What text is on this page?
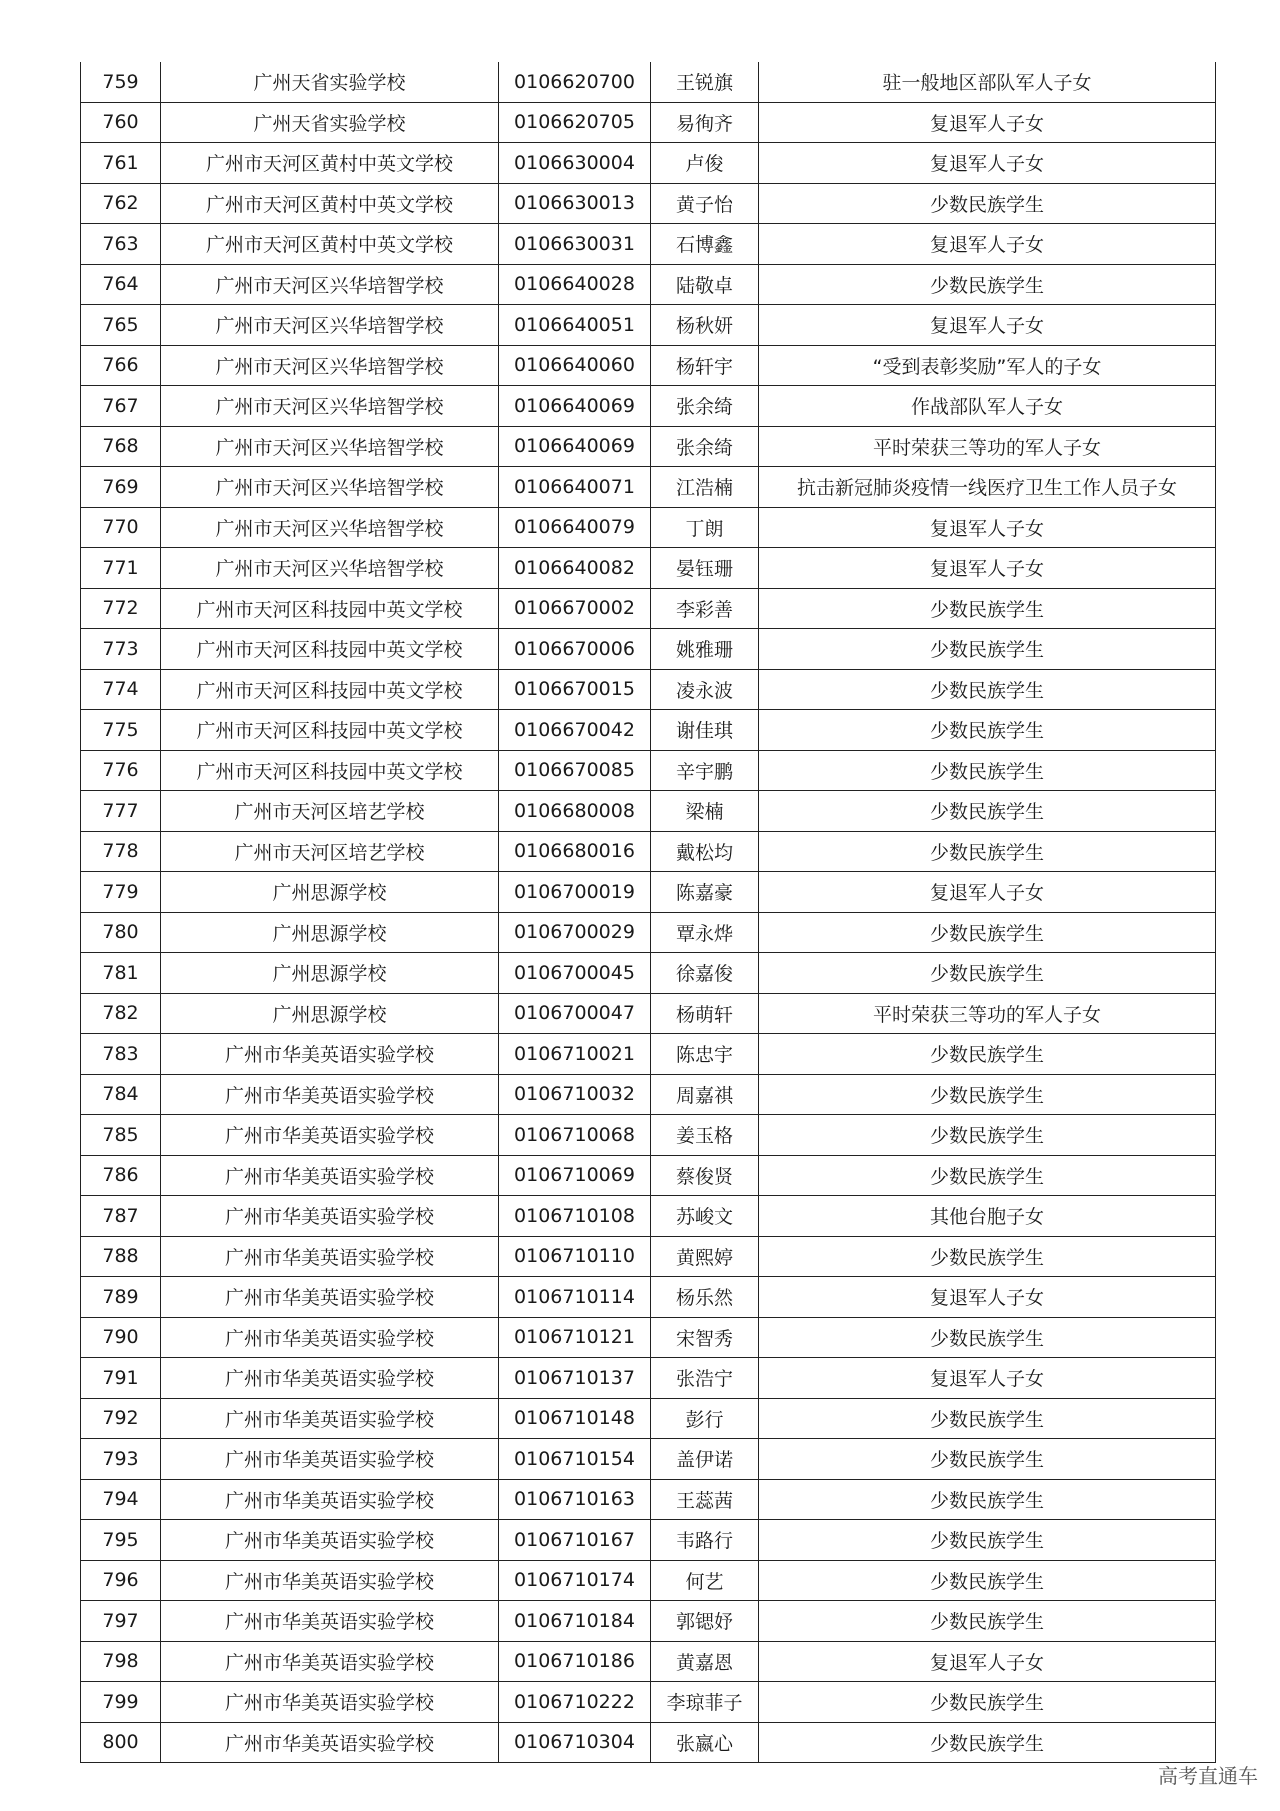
759	广州天省实验学校	0106620700	王锐旗	驻一般地区部队军人子女
760	广州天省实验学校	0106620705	易徇齐	复退军人子女
761	广州市天河区黄村中英文学校	0106630004	卢俊	复退军人子女
762	广州市天河区黄村中英文学校	0106630013	黄子怡	少数民族学生
763	广州市天河区黄村中英文学校	0106630031	石博鑫	复退军人子女
764	广州市天河区兴华培智学校	0106640028	陆敬卓	少数民族学生
765	广州市天河区兴华培智学校	0106640051	杨秋妍	复退军人子女
766	广州市天河区兴华培智学校	0106640060	杨轩宇	“受到表彰奖励”军人的子女
767	广州市天河区兴华培智学校	0106640069	张余绮	作战部队军人子女
768	广州市天河区兴华培智学校	0106640069	张余绮	平时荣获三等功的军人子女
769	广州市天河区兴华培智学校	0106640071	江浩楠	抗击新冠肺炎疫情一线医疗卫生工作人员子女
770	广州市天河区兴华培智学校	0106640079	丁朗	复退军人子女
771	广州市天河区兴华培智学校	0106640082	晏钰珊	复退军人子女
772	广州市天河区科技园中英文学校	0106670002	李彩善	少数民族学生
773	广州市天河区科技园中英文学校	0106670006	姚雅珊	少数民族学生
774	广州市天河区科技园中英文学校	0106670015	凌永波	少数民族学生
775	广州市天河区科技园中英文学校	0106670042	谢佳琪	少数民族学生
776	广州市天河区科技园中英文学校	0106670085	辛宇鹏	少数民族学生
777	广州市天河区培艺学校	0106680008	梁楠	少数民族学生
778	广州市天河区培艺学校	0106680016	戴松均	少数民族学生
779	广州思源学校	0106700019	陈嘉豪	复退军人子女
780	广州思源学校	0106700029	覃永烨	少数民族学生
781	广州思源学校	0106700045	徐嘉俊	少数民族学生
782	广州思源学校	0106700047	杨萌轩	平时荣获三等功的军人子女
783	广州市华美英语实验学校	0106710021	陈忠宇	少数民族学生
784	广州市华美英语实验学校	0106710032	周嘉祺	少数民族学生
785	广州市华美英语实验学校	0106710068	姜玉格	少数民族学生
786	广州市华美英语实验学校	0106710069	蔡俊贤	少数民族学生
787	广州市华美英语实验学校	0106710108	苏峻文	其他台胞子女
788	广州市华美英语实验学校	0106710110	黄熙婷	少数民族学生
789	广州市华美英语实验学校	0106710114	杨乐然	复退军人子女
790	广州市华美英语实验学校	0106710121	宋智秀	少数民族学生
791	广州市华美英语实验学校	0106710137	张浩宁	复退军人子女
792	广州市华美英语实验学校	0106710148	彭行	少数民族学生
793	广州市华美英语实验学校	0106710154	盖伊诺	少数民族学生
794	广州市华美英语实验学校	0106710163	王蕊茜	少数民族学生
795	广州市华美英语实验学校	0106710167	韦路行	少数民族学生
796	广州市华美英语实验学校	0106710174	何艺	少数民族学生
797	广州市华美英语实验学校	0106710184	郭锶妤	少数民族学生
798	广州市华美英语实验学校	0106710186	黄嘉恩	复退军人子女
799	广州市华美英语实验学校	0106710222	李琼菲子	少数民族学生
800	广州市华美英语实验学校	0106710304	张嬴心	少数民族学生
高考直通车
